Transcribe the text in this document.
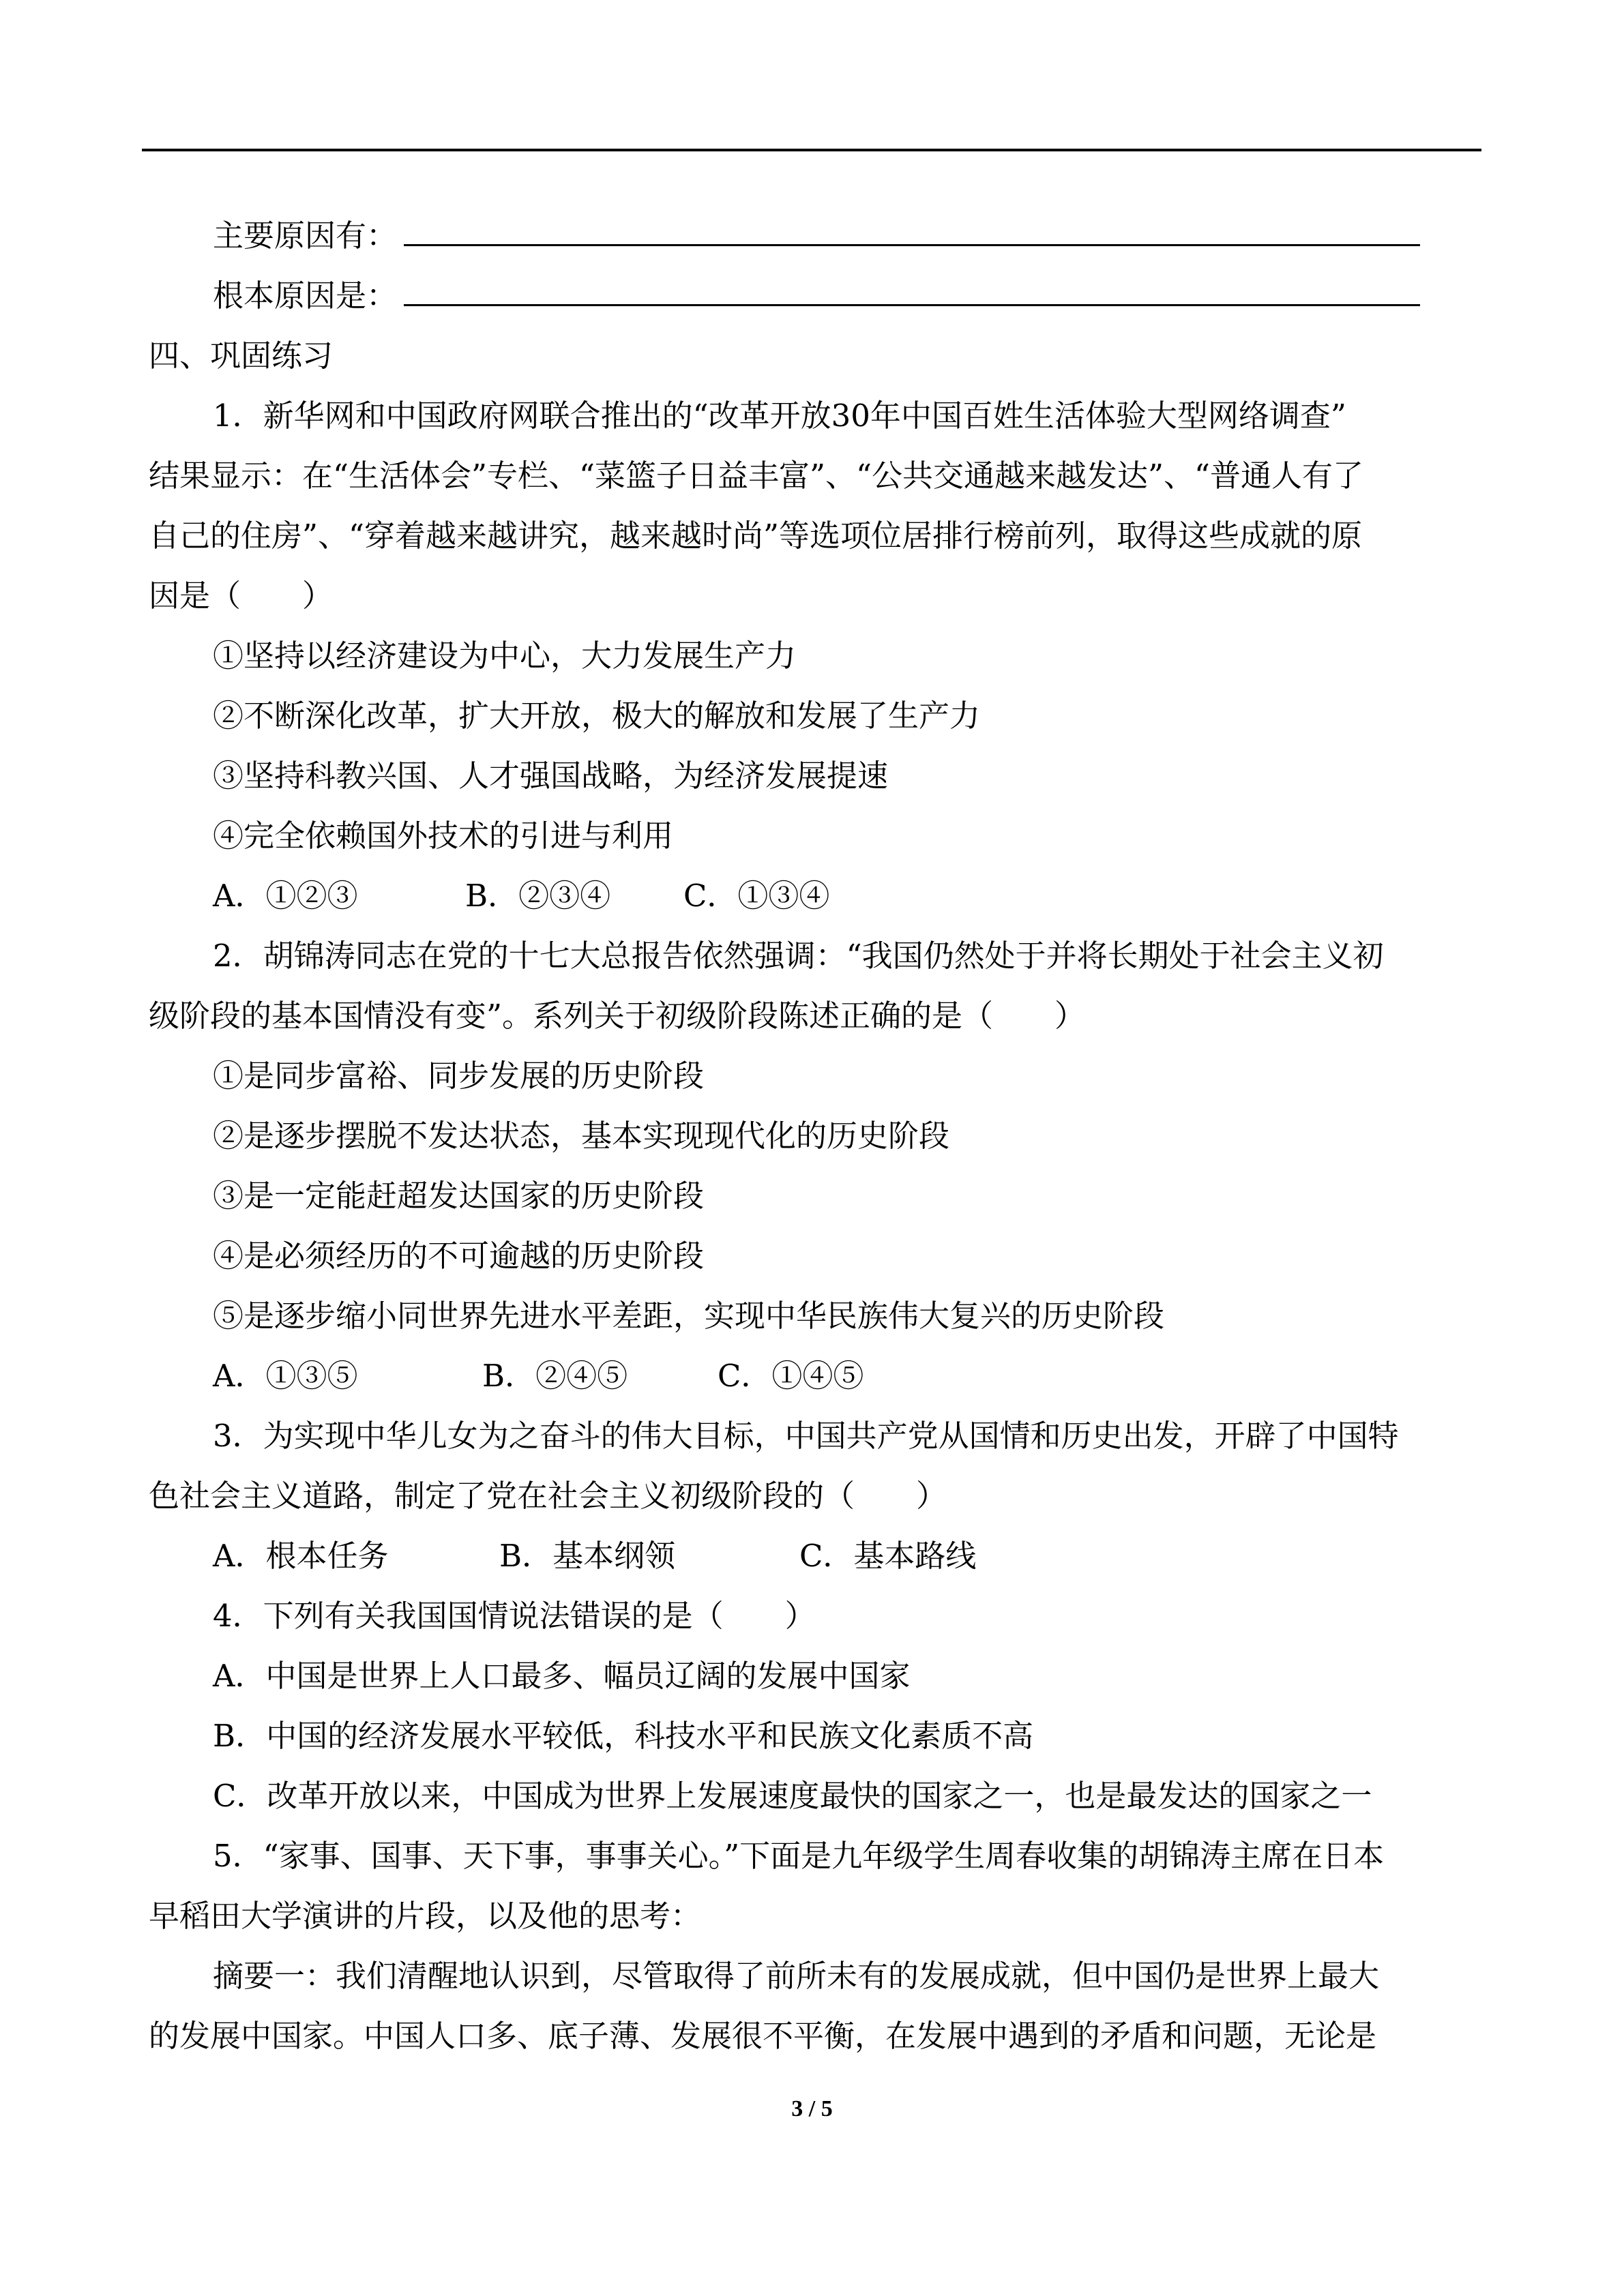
主要原因有：
根本原因是：
四、巩固练习
1．新华网和中国政府网联合推出的“改革开放30年中国百姓生活体验大型网络调查”
结果显示：在“生活体会”专栏、“菜篮子日益丰富”、“公共交通越来越发达”、“普通人有了
自己的住房”、“穿着越来越讲究，越来越时尚”等选项位居排行榜前列，取得这些成就的原
因是（　　）
①坚持以经济建设为中心，大力发展生产力
②不断深化改革，扩大开放，极大的解放和发展了生产力
③坚持科教兴国、人才强国战略，为经济发展提速
④完全依赖国外技术的引进与利用
A．①②③	B．②③④ C．①③④
2．胡锦涛同志在党的十七大总报告依然强调：“我国仍然处于并将长期处于社会主义初
级阶段的基本国情没有变”。系列关于初级阶段陈述正确的是（　　）
①是同步富裕、同步发展的历史阶段
②是逐步摆脱不发达状态，基本实现现代化的历史阶段
③是一定能赶超发达国家的历史阶段
④是必须经历的不可逾越的历史阶段
⑤是逐步缩小同世界先进水平差距，实现中华民族伟大复兴的历史阶段
A．①③⑤	B．②④⑤	C．①④⑤
3．为实现中华儿女为之奋斗的伟大目标，中国共产党从国情和历史出发，开辟了中国特
色社会主义道路，制定了党在社会主义初级阶段的（　　）
A．根本任务	B．基本纲领	C．基本路线
4．下列有关我国国情说法错误的是（　　）
A．中国是世界上人口最多、幅员辽阔的发展中国家
B．中国的经济发展水平较低，科技水平和民族文化素质不高
C．改革开放以来，中国成为世界上发展速度最快的国家之一，也是最发达的国家之一
5．“家事、国事、天下事，事事关心。”下面是九年级学生周春收集的胡锦涛主席在日本
早稻田大学演讲的片段，以及他的思考：
摘要一：我们清醒地认识到，尽管取得了前所未有的发展成就，但中国仍是世界上最大
的发展中国家。中国人口多、底子薄、发展很不平衡，在发展中遇到的矛盾和问题，无论是
3 / 5
